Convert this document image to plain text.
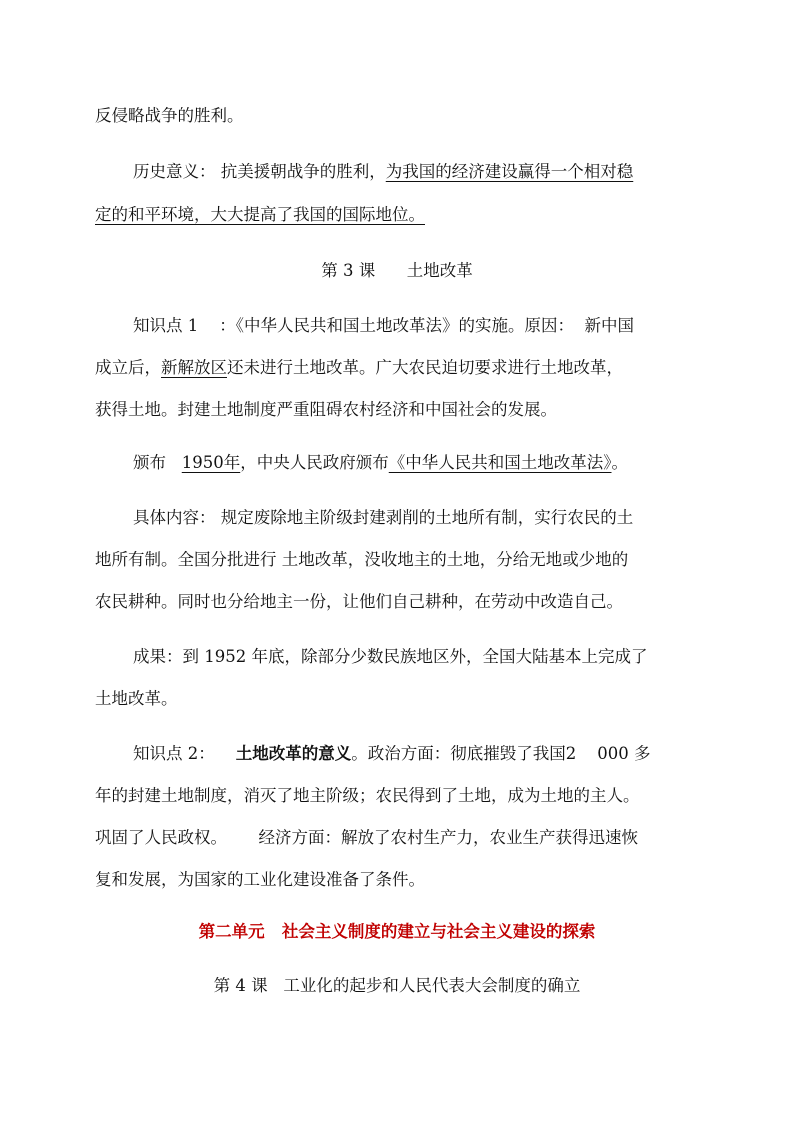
反侵略战争的胜利。
历史意义： 抗美援朝战争的胜利，为我国的经济建设赢得一个相对稳
定的和平环境，大大提高了我国的国际地位。
第 3 课      土地改革
知识点 1    ：《中华人民共和国土地改革法》的实施。原因：  新中国
成立后，新解放区还未进行土地改革。广大农民迫切要求进行土地改革，
获得土地。封建土地制度严重阻碍农村经济和中国社会的发展。
颁布   1950年，中央人民政府颁布《中华人民共和国土地改革法》。
具体内容： 规定废除地主阶级封建剥削的土地所有制，实行农民的土
地所有制。全国分批进行 土地改革，没收地主的土地，分给无地或少地的
农民耕种。同时也分给地主一份，让他们自己耕种，在劳动中改造自己。
成果：到 1952 年底，除部分少数民族地区外，全国大陆基本上完成了
土地改革。
知识点 2：    土地改革的意义。政治方面：彻底摧毁了我国2    000 多
年的封建土地制度，消灭了地主阶级；农民得到了土地，成为土地的主人。
巩固了人民政权。      经济方面：解放了农村生产力，农业生产获得迅速恢
复和发展，为国家的工业化建设准备了条件。
第二单元   社会主义制度的建立与社会主义建设的探索
第 4 课   工业化的起步和人民代表大会制度的确立
